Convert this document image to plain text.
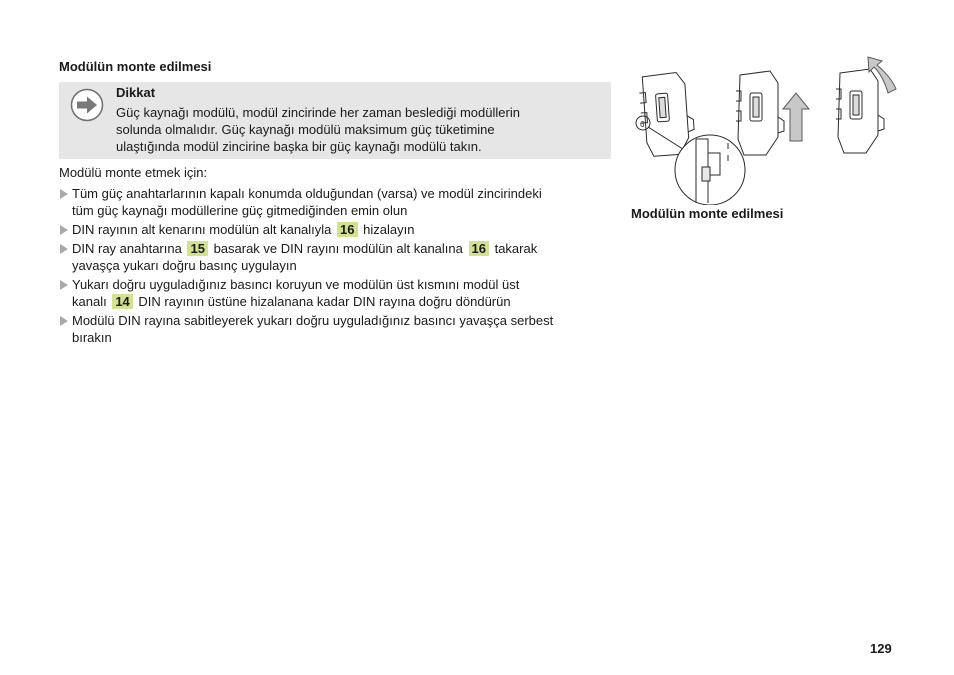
Modülün monte edilmesi
Dikkat
Güç kaynağı modülü, modül zincirinde her zaman beslediği modüllerin
solunda olmalıdır. Güç kaynağı modülü maksimum güç tüketimine
ulaştığında modül zincirine başka bir güç kaynağı modülü takın.
Modülü monte etmek için:
Tüm güç anahtarlarının kapalı konumda olduğundan (varsa) ve modül zincirindeki
tüm güç kaynağı modüllerine güç gitmediğinden emin olun
DIN rayının alt kenarını modülün alt kanalıyla 16 hizalayın
DIN ray anahtarına 15 basarak ve DIN rayını modülün alt kanalına 16 takarak
yavaşça yukarı doğru basınç uygulayın
Yukarı doğru uyguladığınız basıncı koruyun ve modülün üst kısmını modül üst
kanalı 14 DIN rayının üstüne hizalanana kadar DIN rayına doğru döndürün
Modülü DIN rayına sabitleyerek yukarı doğru uyguladığınız basıncı yavaşça serbest
bırakın
6
Modülün monte edilmesi
129
